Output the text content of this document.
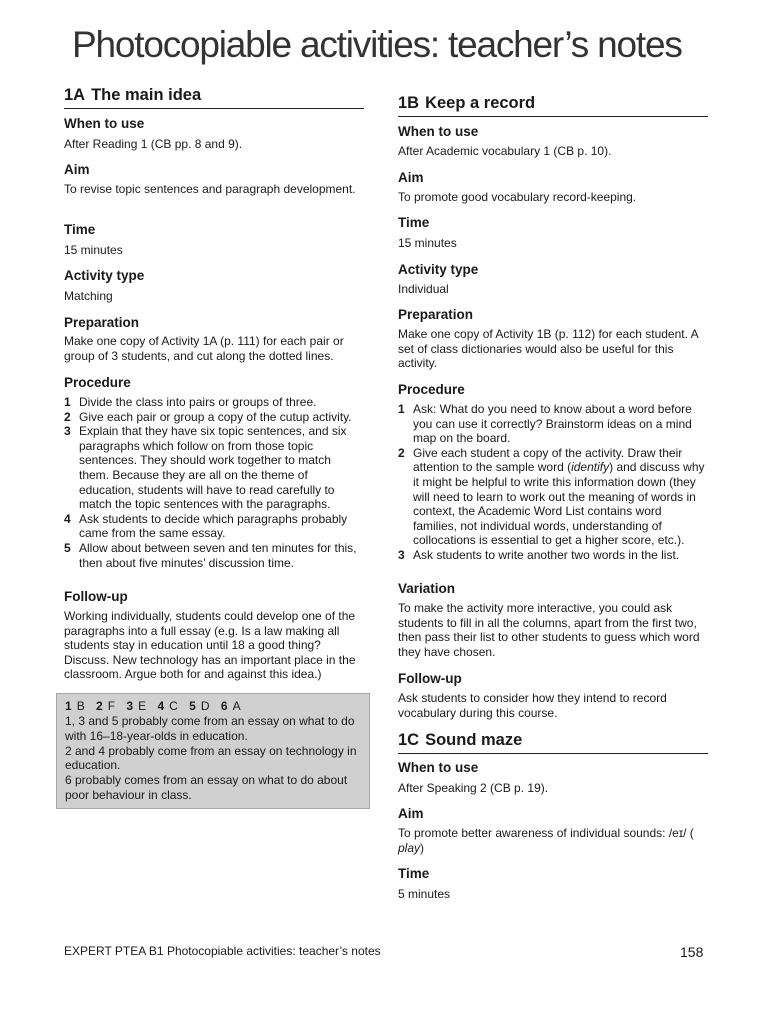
Photocopiable activities: teacher’s notes
1A The main idea
When to use
After Reading 1 (CB pp. 8 and 9).
Aim
To revise topic sentences and paragraph development.
Time
15 minutes
Activity type
Matching
Preparation
Make one copy of Activity 1A (p. 111) for each pair or group of 3 students, and cut along the dotted lines.
Procedure
1 Divide the class into pairs or groups of three.
2 Give each pair or group a copy of the cutup activity.
3 Explain that they have six topic sentences, and six paragraphs which follow on from those topic sentences. They should work together to match them. Because they are all on the theme of education, students will have to read carefully to match the topic sentences with the paragraphs.
4 Ask students to decide which paragraphs probably came from the same essay.
5 Allow about between seven and ten minutes for this, then about five minutes’ discussion time.
Follow-up
Working individually, students could develop one of the paragraphs into a full essay (e.g. Is a law making all students stay in education until 18 a good thing? Discuss. New technology has an important place in the classroom. Argue both for and against this idea.)
1 B 2 F 3 E 4 C 5 D 6 A
1, 3 and 5 probably come from an essay on what to do with 16–18-year-olds in education.
2 and 4 probably come from an essay on technology in education.
6 probably comes from an essay on what to do about poor behaviour in class.
1B Keep a record
When to use
After Academic vocabulary 1 (CB p. 10).
Aim
To promote good vocabulary record-keeping.
Time
15 minutes
Activity type
Individual
Preparation
Make one copy of Activity 1B (p. 112) for each student. A set of class dictionaries would also be useful for this activity.
Procedure
1 Ask: What do you need to know about a word before you can use it correctly? Brainstorm ideas on a mind map on the board.
2 Give each student a copy of the activity. Draw their attention to the sample word (identify) and discuss why it might be helpful to write this information down (they will need to learn to work out the meaning of words in context, the Academic Word List contains word families, not individual words, understanding of collocations is essential to get a higher score, etc.).
3 Ask students to write another two words in the list.
Variation
To make the activity more interactive, you could ask students to fill in all the columns, apart from the first two, then pass their list to other students to guess which word they have chosen.
Follow-up
Ask students to consider how they intend to record vocabulary during this course.
1C Sound maze
When to use
After Speaking 2 (CB p. 19).
Aim
To promote better awareness of individual sounds: /eɪ/ ( play)
Time
5 minutes
EXPERT PTEA B1 Photocopiable activities: teacher’s notes	158
